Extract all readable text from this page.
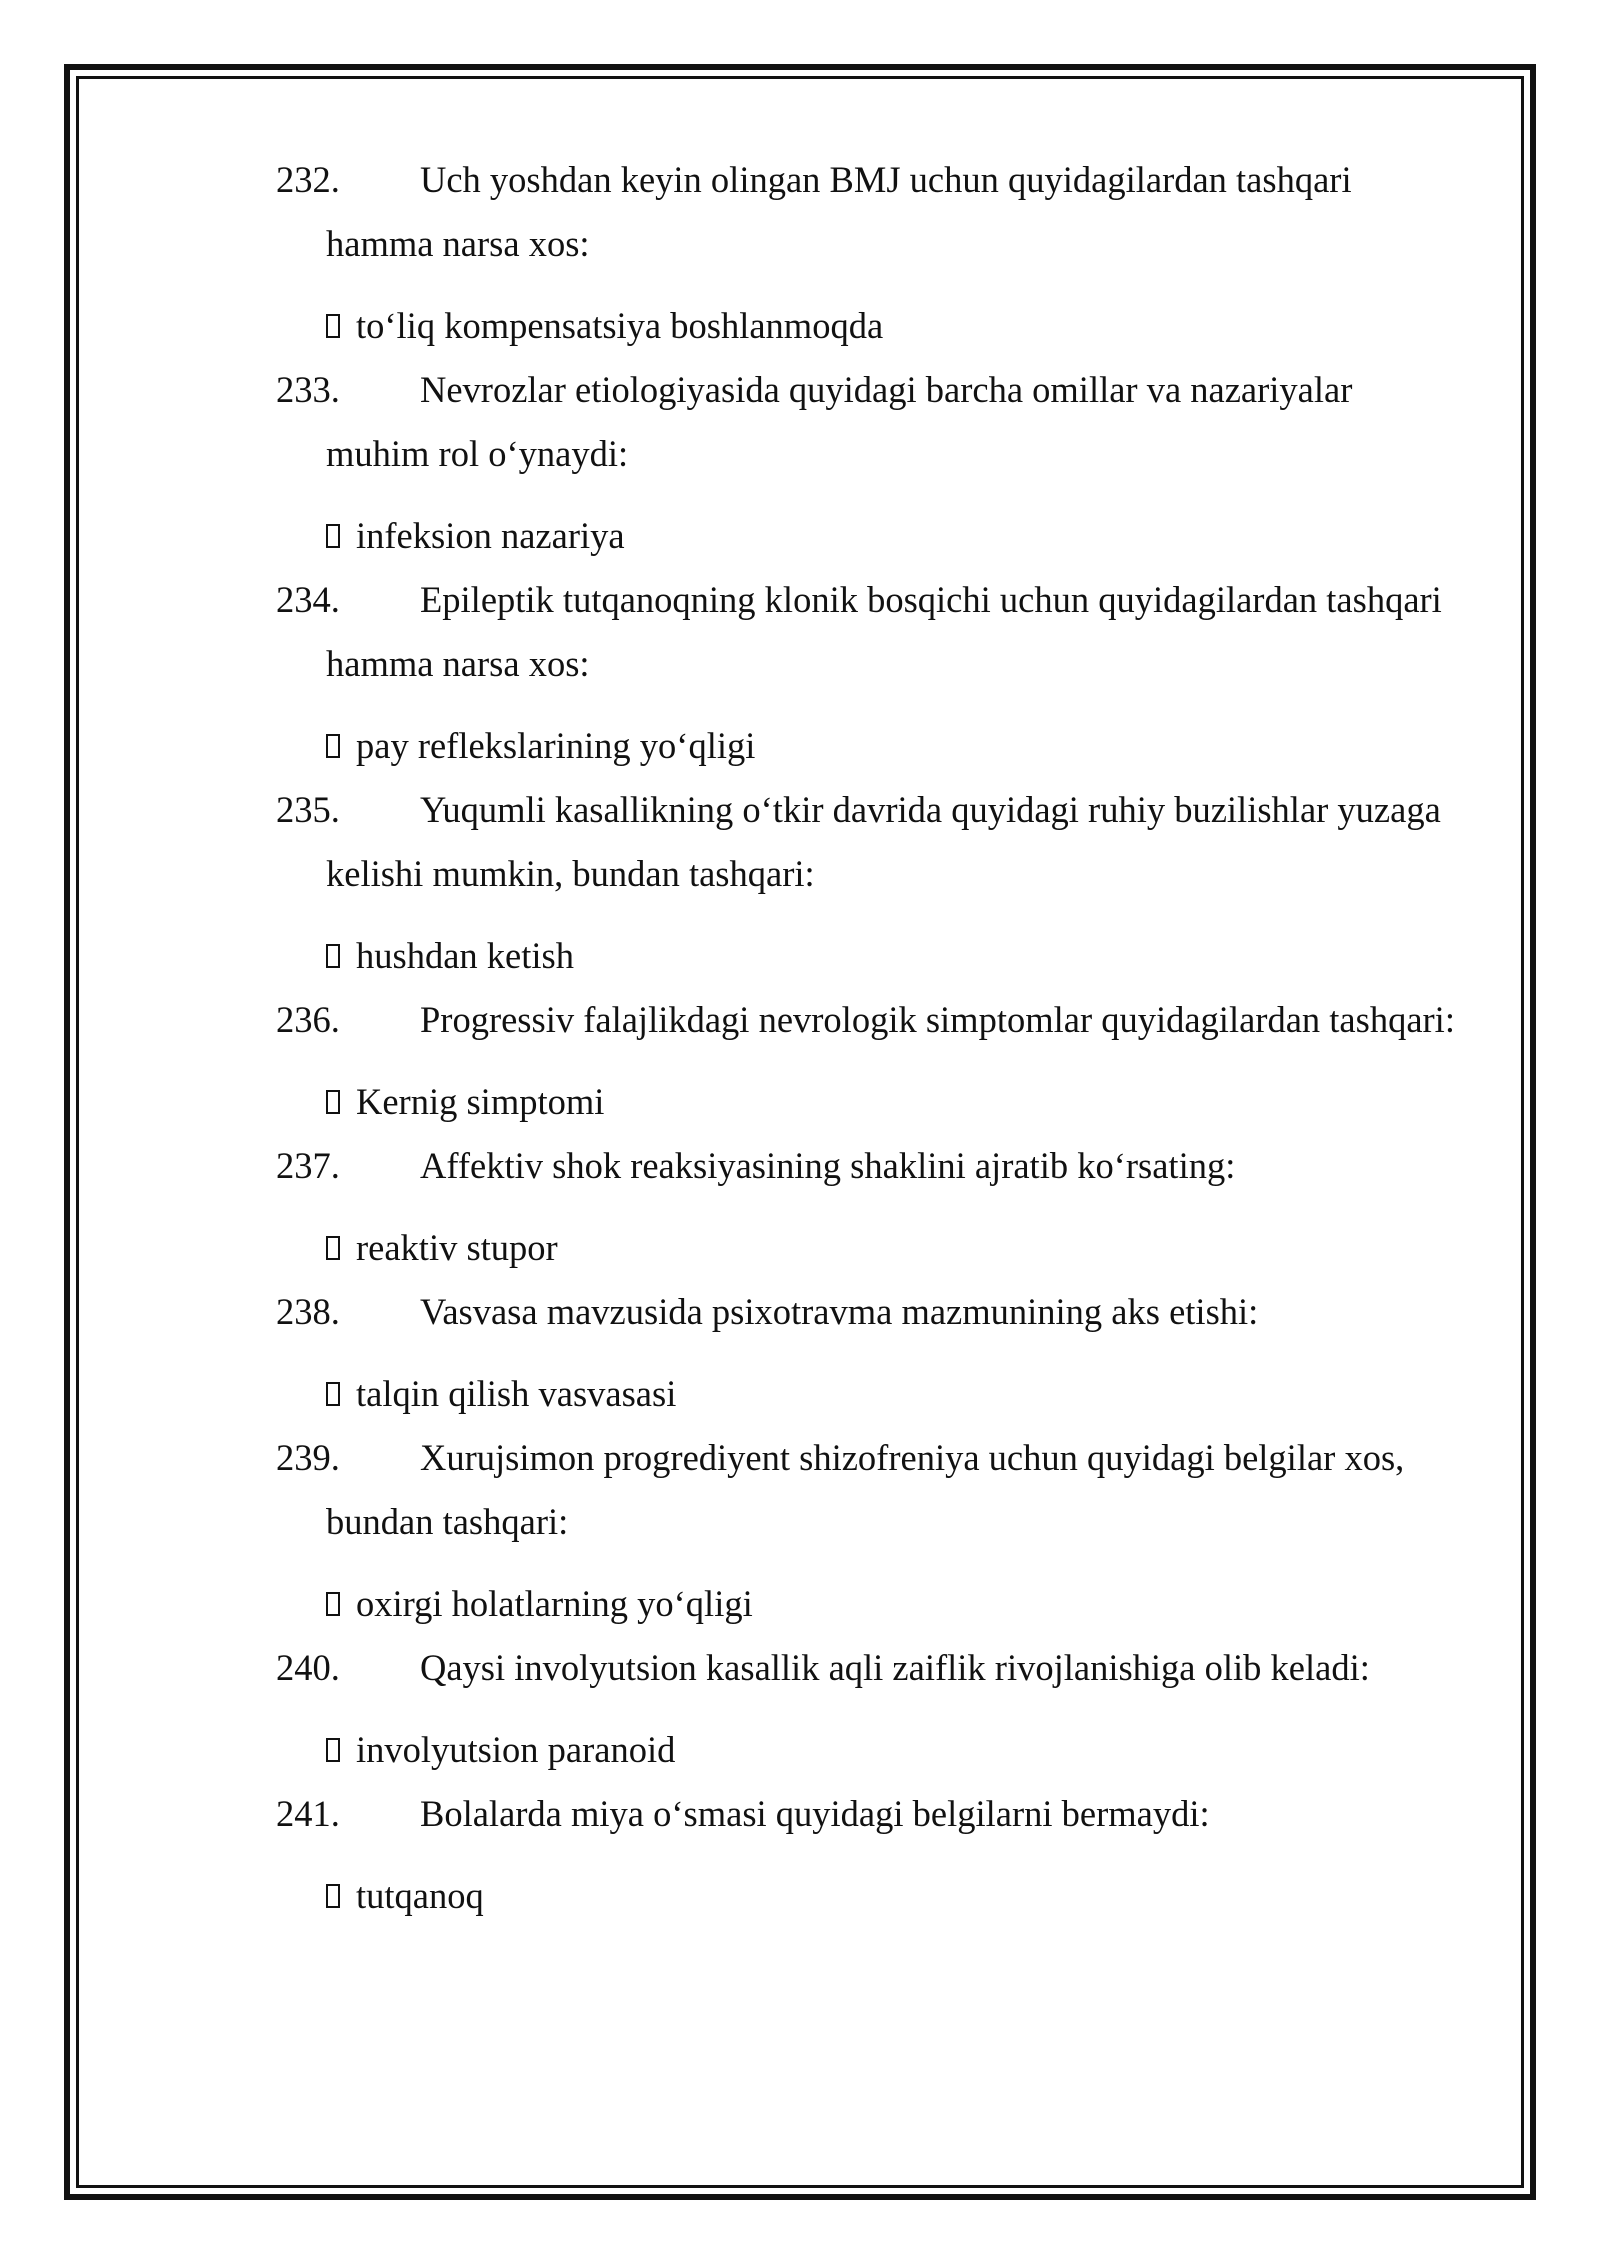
232.	Uch yoshdan keyin olingan BMJ uchun quyidagilardan tashqari
hamma narsa xos:
to‘liq kompensatsiya boshlanmoqda
233.	Nevrozlar etiologiyasida quyidagi barcha omillar va nazariyalar
muhim rol o‘ynaydi:
infeksion nazariya
234.	Epileptik tutqanoqning klonik bosqichi uchun quyidagilardan tashqari
hamma narsa xos:
pay reflekslarining yo‘qligi
235.	Yuqumli kasallikning o‘tkir davrida quyidagi ruhiy buzilishlar yuzaga
kelishi mumkin, bundan tashqari:
hushdan ketish
236.	Progressiv falajlikdagi nevrologik simptomlar quyidagilardan tashqari:
Kernig simptomi
237.	Affektiv shok reaksiyasining shaklini ajratib ko‘rsating:
reaktiv stupor
238.	Vasvasa mavzusida psixotravma mazmunining aks etishi:
talqin qilish vasvasasi
239.	Xurujsimon progrediyent shizofreniya uchun quyidagi belgilar xos,
bundan tashqari:
oxirgi holatlarning yo‘qligi
240.	Qaysi involyutsion kasallik aqli zaiflik rivojlanishiga olib keladi:
involyutsion paranoid
241.	Bolalarda miya o‘smasi quyidagi belgilarni bermaydi:
tutqanoq
